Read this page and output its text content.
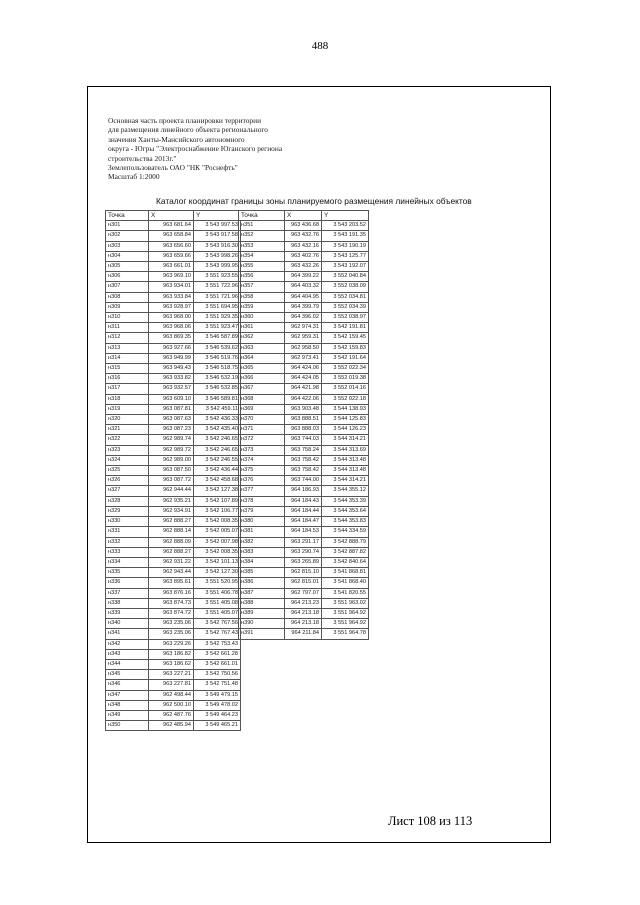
488
Основная часть проекта планировки территории
для размещения линейного объекта регионального
значения Ханты-Мансийского автономного
округа - Югры "Электроснабжение Юганского региона
строительства 2013г."
Землепользователь ОАО "НК "Роснефть"
Масштаб 1:2000
Каталог координат границы зоны планируемого размещения линейных объектов
Точка	X	Y
н301	963 681.64	3 543 997.53
н302	963 658.84	3 543 917.58
н303	963 656.60	3 543 916.30
н304	963 659.66	3 543 998.26
н305	963 661.01	3 543 999.95
н306	963 969.10	3 551 923.55
н307	963 934.01	3 551 722.96
н308	963 933.84	3 551 721.96
н309	963 928.97	3 551 694.95
н310	963 968.00	3 551 929.35
н311	963 968.06	3 551 923.47
н312	963 869.35	3 546 587.89
н313	963 927.66	3 546 539.62
н314	963 949.99	3 546 519.76
н315	963 949.43	3 546 518.75
н316	963 933.82	3 546 532.19
н317	963 932.57	3 546 532.85
н318	963 609.10	3 546 589.81
н319	963 087.81	3 542 459.11
н320	963 087.63	3 542 436.33
н321	963 087.23	3 542 435.40
н322	962 989.74	3 542 246.65
н323	962 989.72	3 542 246.65
н324	962 989.00	3 542 246.55
н325	963 087.50	3 542 436.44
н326	963 087.72	3 542 458.68
н327	962 944.44	3 542 127.38
н328	962 935.21	3 542 107.89
н329	962 934.91	3 542 106.77
н330	962 888.27	3 542 008.35
н331	962 888.14	3 542 005.07
н332	962 888.09	3 542 007.98
н333	962 888.27	3 542 008.35
н334	962 931.22	3 542 101.13
н335	962 943.44	3 542 127.30
н336	963 895.61	3 551 520.95
н337	963 876.16	3 551 406.78
н338	963 874.73	3 551 405.08
н339	963 874.72	3 551 405.07
н340	963 235.06	3 542 767.56
н341	963 235.06	3 542 767.43
н342	963 229.26	3 542 753.43
н343	963 186.82	3 542 661.28
н344	963 186.62	3 542 661.01
н345	963 227.21	3 542 750.56
н346	963 227.81	3 542 751.48
н347	962 498.44	3 549 479.15
н348	962 500.10	3 549 478.02
н349	962 487.76	3 549 464.23
н350	962 485.94	3 549 465.21
Точка	X	Y
н351	963 436.68	3 543 203.52
н352	963 432.76	3 543 191.35
н353	963 432.16	3 543 190.19
н354	963 402.76	3 543 125.77
н355	963 432.26	3 543 192.07
н356	964 399.22	3 552 040.84
н357	964 403.32	3 552 038.09
н358	964 404.95	3 552 034.81
н359	964 399.79	3 552 034.39
н360	964 396.02	3 552 038.97
н361	962 974.31	3 542 191.81
н362	962 959.31	3 542 159.45
н363	962 958.50	3 542 159.83
н364	962 973.41	3 542 191.64
н365	964 424.06	3 552 022.34
н366	964 424.05	3 552 019.38
н367	964 421.98	3 552 014.16
н368	964 422.06	3 552 022.18
н369	963 903.48	3 544 138.93
н370	963 888.51	3 544 125.83
н371	963 888.03	3 544 126.23
н372	963 744.03	3 544 314.21
н373	963 758.24	3 544 313.69
н374	963 758.42	3 544 313.48
н375	963 758.42	3 544 313.48
н376	963 744.00	3 544 314.21
н377	964 186.93	3 544 355.12
н378	964 184.43	3 544 353.39
н379	964 184.44	3 544 353.64
н380	964 184.47	3 544 353.83
н381	964 184.53	3 544 334.59
н382	963 291.17	3 542 888.79
н383	963 290.74	3 542 887.82
н384	963 265.89	3 542 840.64
н385	962 815.10	3 541 868.81
н386	962 815.01	3 541 868.40
н387	962 797.07	3 541 820.55
н388	964 213.23	3 551 963.02
н389	964 213.18	3 551 964.92
н390	964 213.18	3 551 964.92
н391	964 211.84	3 551 964.78
Лист 108 из 113
